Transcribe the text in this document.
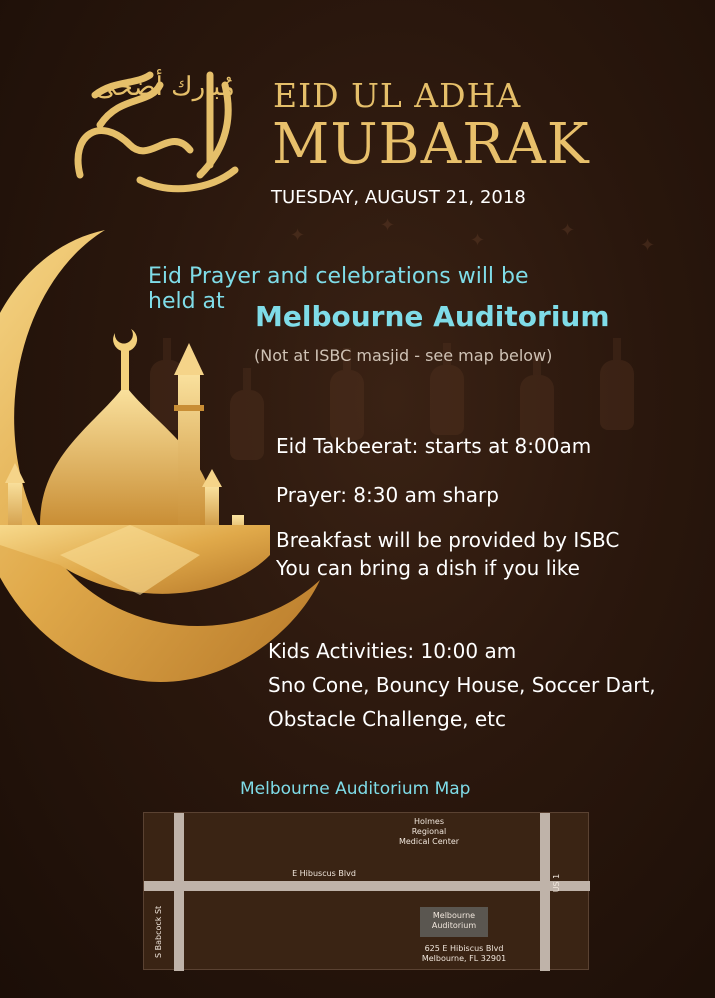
✦	✦
✦	✦
✦
مُبارك أضحى EID UL ADHA
MUBARAK
TUESDAY, AUGUST 21, 2018
Eid Prayer and celebrations will be held at	Melbourne Auditorium
(Not at ISBC masjid - see map below)
Eid Takbeerat: starts at 8:00am
Prayer: 8:30 am sharp
Breakfast will be provided by ISBC
You can bring a dish if you like
Kids Activities: 10:00 am
Sno Cone, Bouncy House, Soccer Dart,
Obstacle Challenge, etc
Melbourne Auditorium Map
Holmes
Regional
Medical Center
E Hibuscus Blvd
US 1
S Babcock St	Melbourne
Auditorium
625 E Hibiscus Blvd
Melbourne, FL 32901
